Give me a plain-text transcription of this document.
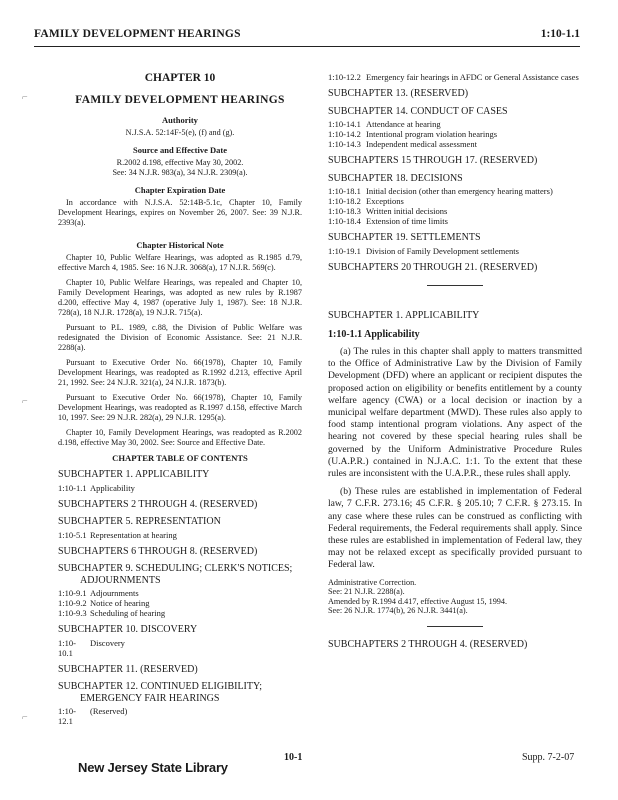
FAMILY DEVELOPMENT HEARINGS	1:10-1.1
⌐
⌐
⌐
CHAPTER 10
FAMILY DEVELOPMENT HEARINGS
Authority
N.J.S.A. 52:14F-5(e), (f) and (g).
Source and Effective Date
R.2002 d.198, effective May 30, 2002.
See: 34 N.J.R. 983(a), 34 N.J.R. 2309(a).
Chapter Expiration Date

In accordance with N.J.S.A. 52:14B-5.1c, Chapter 10, Family Development Hearings, expires on November 26, 2007. See: 39 N.J.R. 2393(a).

Chapter Historical Note

Chapter 10, Public Welfare Hearings, was adopted as R.1985 d.79, effective March 4, 1985. See: 16 N.J.R. 3068(a), 17 N.J.R. 569(c).

Chapter 10, Public Welfare Hearings, was repealed and Chapter 10, Family Development Hearings, was adopted as new rules by R.1987 d.200, effective May 4, 1987 (operative July 1, 1987). See: 18 N.J.R. 728(a), 18 N.J.R. 1728(a), 19 N.J.R. 715(a).

Pursuant to P.L. 1989, c.88, the Division of Public Welfare was redesignated the Division of Economic Assistance. See: 21 N.J.R. 2288(a).

Pursuant to Executive Order No. 66(1978), Chapter 10, Family Development Hearings, was readopted as R.1992 d.213, effective April 21, 1992. See: 24 N.J.R. 321(a), 24 N.J.R. 1873(b).

Pursuant to Executive Order No. 66(1978), Chapter 10, Family Development Hearings, was readopted as R.1997 d.158, effective March 10, 1997. See: 29 N.J.R. 282(a), 29 N.J.R. 1295(a).

Chapter 10, Family Development Hearings, was readopted as R.2002 d.198, effective May 30, 2002. See: Source and Effective Date.

CHAPTER TABLE OF CONTENTS
SUBCHAPTER 1. APPLICABILITY
1:10-1.1 Applicability
SUBCHAPTERS 2 THROUGH 4. (RESERVED)
SUBCHAPTER 5. REPRESENTATION
1:10-5.1 Representation at hearing
SUBCHAPTERS 6 THROUGH 8. (RESERVED)
SUBCHAPTER 9. SCHEDULING; CLERK'S NOTICES;
ADJOURNMENTS
1:10-9.1 Adjournments
1:10-9.2 Notice of hearing
1:10-9.3 Scheduling of hearing
SUBCHAPTER 10. DISCOVERY
1:10-10.1
Discovery
SUBCHAPTER 11. (RESERVED)
SUBCHAPTER 12. CONTINUED ELIGIBILITY;
EMERGENCY FAIR HEARINGS
1:10-12.1
(Reserved)
1:10-12.2 Emergency fair hearings in AFDC or General Assistance cases
SUBCHAPTER 13. (RESERVED)
SUBCHAPTER 14. CONDUCT OF CASES
1:10-14.1 Attendance at hearing
1:10-14.2 Intentional program violation hearings
1:10-14.3 Independent medical assessment
SUBCHAPTERS 15 THROUGH 17. (RESERVED)
SUBCHAPTER 18. DECISIONS
1:10-18.1 Initial decision (other than emergency hearing matters)
1:10-18.2 Exceptions
1:10-18.3 Written initial decisions
1:10-18.4 Extension of time limits
SUBCHAPTER 19. SETTLEMENTS
1:10-19.1 Division of Family Development settlements
SUBCHAPTERS 20 THROUGH 21. (RESERVED)
SUBCHAPTER 1. APPLICABILITY
1:10-1.1 Applicability

(a) The rules in this chapter shall apply to matters transmitted to the Office of Administrative Law by the Division of Family Development (DFD) where an applicant or recipient disputes the proposed action on eligibility or benefits entitlement by a county welfare agency (CWA) or a local decision or inaction by a municipal welfare department (MWD). These rules also apply to food stamp intentional program violations. Any aspect of the hearing not covered by these special hearing rules shall be governed by the Uniform Administrative Procedure Rules (U.A.P.R.) contained in N.J.A.C. 1:1. To the extent that these rules are inconsistent with the U.A.P.R., these rules shall apply.

(b) These rules are established in implementation of Federal law, 7 C.F.R. 273.16; 45 C.F.R. § 205.10; 7 C.F.R. § 273.15. In any case where these rules can be construed as conflicting with Federal requirements, the Federal requirements shall apply. Since these rules are established in implementation of Federal law, they may not be relaxed except as specifically provided pursuant to Federal law.

Administrative Correction.
See: 21 N.J.R. 2288(a).
Amended by R.1994 d.417, effective August 15, 1994.
See: 26 N.J.R. 1774(b), 26 N.J.R. 3441(a).
SUBCHAPTERS 2 THROUGH 4. (RESERVED)
10-1	Supp. 7-2-07
New Jersey State Library
